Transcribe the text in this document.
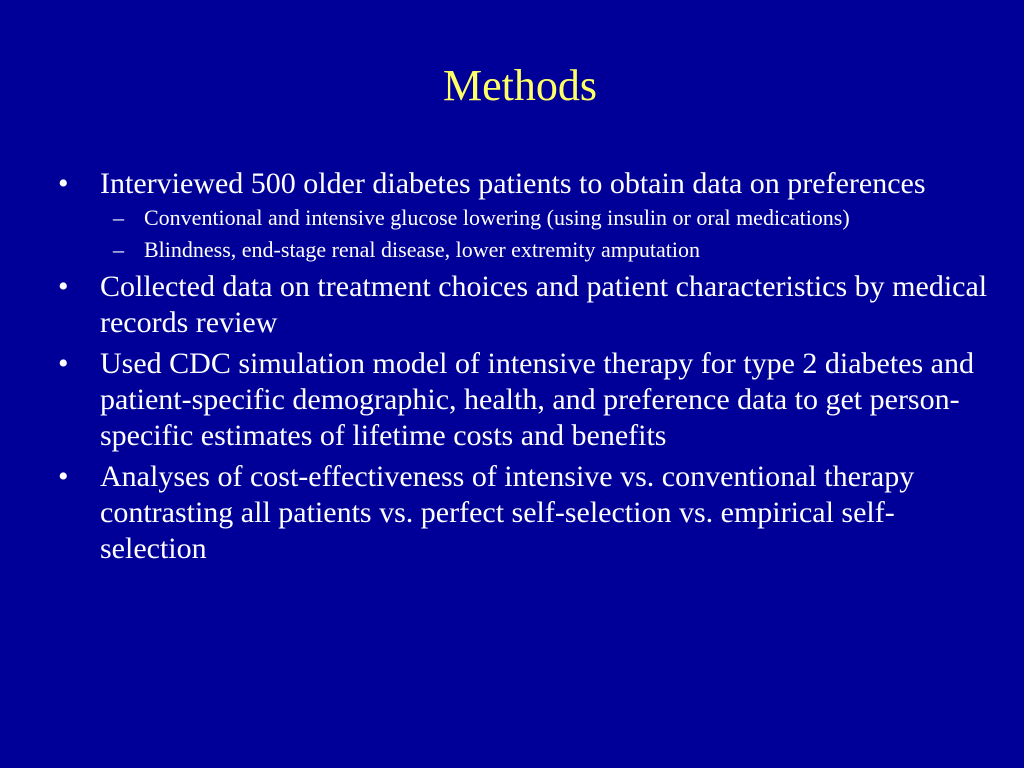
Methods
•	Interviewed 500 older diabetes patients to obtain data on preferences
– Conventional and intensive glucose lowering (using insulin or oral medications)
– Blindness, end-stage renal disease, lower extremity amputation
•	Collected data on treatment choices and patient characteristics by medical records review
•	Used CDC simulation model of intensive therapy for type 2 diabetes and patient-specific demographic, health, and preference data to get person-specific estimates of lifetime costs and benefits
•	Analyses of cost-effectiveness of intensive vs. conventional therapy contrasting all patients vs. perfect self-selection vs. empirical self-selection
